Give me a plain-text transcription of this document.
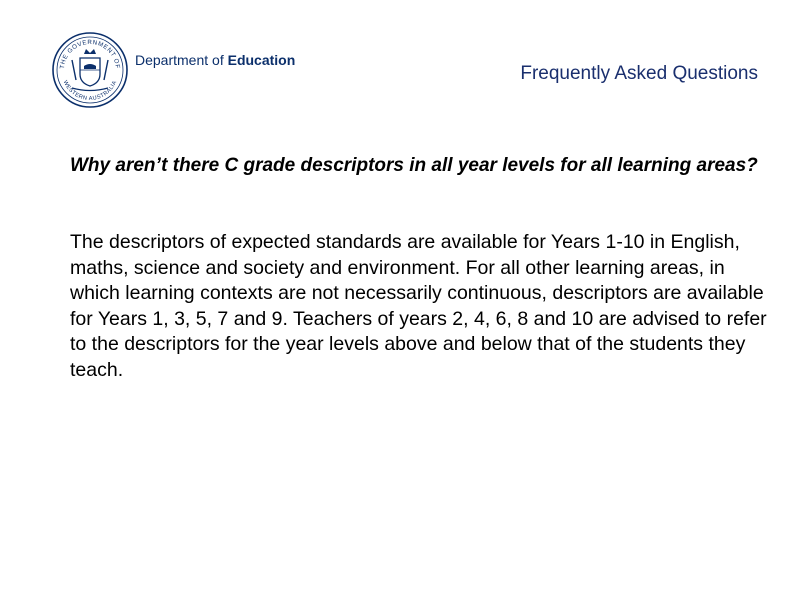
THE GOVERNMENT OF
WESTERN AUSTRALIA
Department of Education
Frequently Asked Questions
Why aren’t there C grade descriptors in all year levels for all learning areas?
The descriptors of expected standards are available for Years 1-10 in English, maths, science and society and environment. For all other learning areas, in which learning contexts are not necessarily continuous, descriptors are available for Years 1, 3, 5, 7 and 9. Teachers of years 2, 4, 6, 8 and 10 are advised to refer to the descriptors for the year levels above and below that of the students they teach.
